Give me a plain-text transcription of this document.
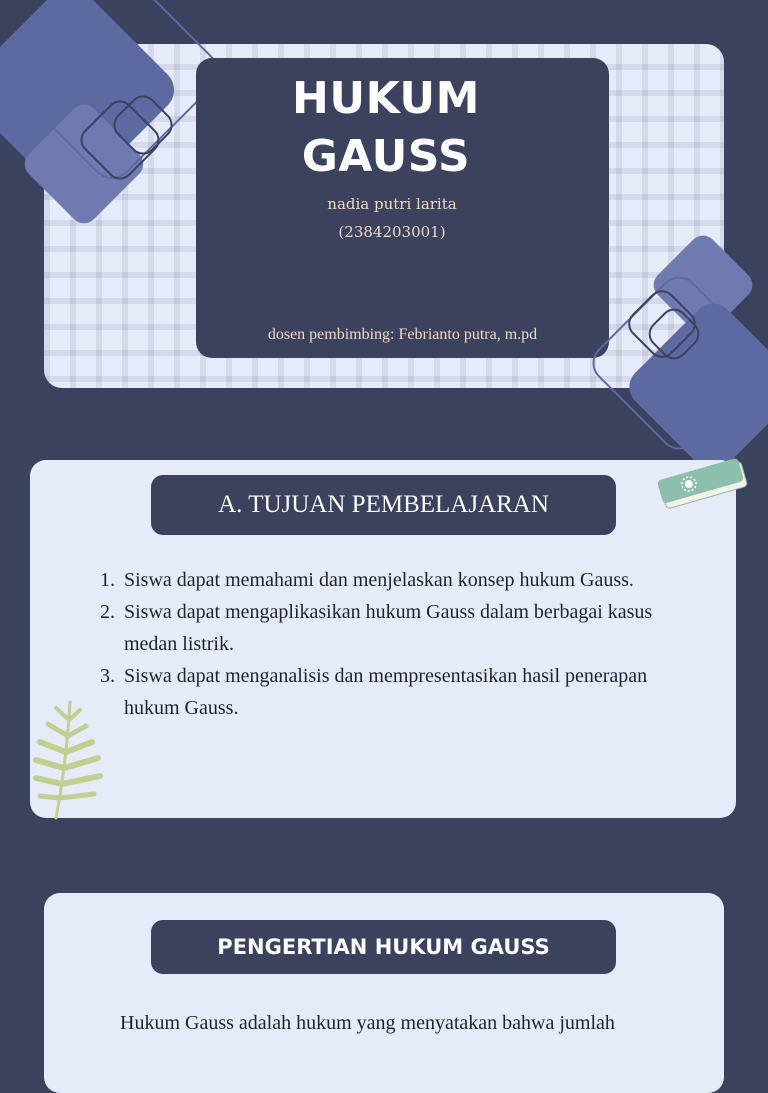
HUKUM
GAUSS
nadia putri larita
(2384203001)
dosen pembimbing: Febrianto putra, m.pd
A. TUJUAN PEMBELAJARAN
1. Siswa dapat memahami dan menjelaskan konsep hukum Gauss.
2. Siswa dapat mengaplikasikan hukum Gauss dalam berbagai kasus medan listrik.
3. Siswa dapat menganalisis dan mempresentasikan hasil penerapan hukum Gauss.
PENGERTIAN HUKUM GAUSS
Hukum Gauss adalah hukum yang menyatakan bahwa jumlah
